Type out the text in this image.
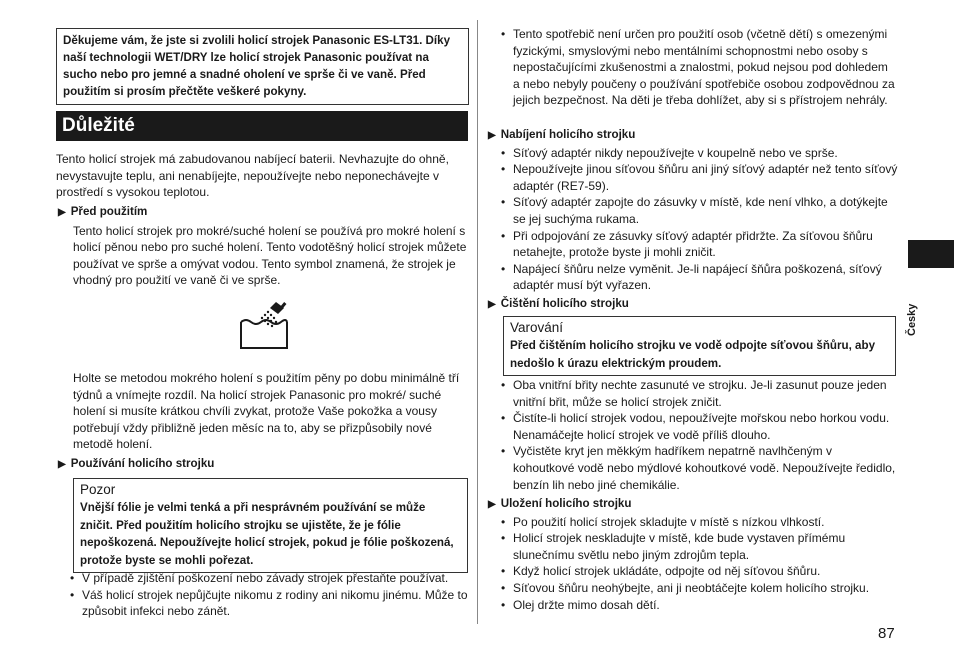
Děkujeme vám, že jste si zvolili holicí strojek Panasonic ES-LT31. Díky naší technologii WET/DRY lze holicí strojek Panasonic používat na sucho nebo pro jemné a snadné oholení ve sprše či ve vaně. Před použitím si prosím přečtěte veškeré pokyny.

Důležité

Tento holicí strojek má zabudovanou nabíjecí baterii. Nevhazujte do ohně, nevystavujte teplu, ani nenabíjejte, nepoužívejte nebo neponechávejte v prostředí s vysokou teplotou.

▶ Před použitím

Tento holicí strojek pro mokré/suché holení se používá pro mokré holení s holicí pěnou nebo pro suché holení. Tento vodotěšný holicí strojek můžete používat ve sprše a omývat vodou. Tento symbol znamená, že strojek je vhodný pro použití ve vaně či ve sprše.

Holte se metodou mokrého holení s použitím pěny po dobu minimálně tří týdnů a vnímejte rozdíl. Na holicí strojek Panasonic pro mokré/ suché holení si musíte krátkou chvíli zvykat, protože Vaše pokožka a vousy potřebují vždy přibližně jeden měsíc na to, aby se přizpůsobily nové metodě holení.

▶ Používání holicího strojku

Pozor

Vnější fólie je velmi tenká a při nesprávném používání se může zničit. Před použitím holicího strojku se ujistěte, že je fólie nepoškozená. Nepoužívejte holicí strojek, pokud je fólie poškozená, protože byste se mohli pořezat.

• V případě zjištění poškození nebo závady strojek přestaňte používat.
• Váš holicí strojek nepůjčujte nikomu z rodiny ani nikomu jinému. Může to způsobit infekci nebo zánět.
• Tento spotřebič není určen pro použití osob (včetně dětí) s omezenými fyzickými, smyslovými nebo mentálními schopnostmi nebo osoby s nepostačujícími zkušenostmi a znalostmi, pokud nejsou pod dohledem a nebo nebyly poučeny o používání spotřebiče osobou zodpovědnou za jejich bezpečnost. Na děti je třeba dohlížet, aby si s přístrojem nehrály.

▶ Nabíjení holicího strojku

• Síťový adaptér nikdy nepoužívejte v koupelně nebo ve sprše.
• Nepoužívejte jinou síťovou šňůru ani jiný síťový adaptér než tento síťový adaptér (RE7-59).
• Síťový adaptér zapojte do zásuvky v místě, kde není vlhko, a dotýkejte se jej suchýma rukama.
• Při odpojování ze zásuvky síťový adaptér přidržte. Za síťovou šňůru netahejte, protože byste ji mohli zničit.
• Napájecí šňůru nelze vyměnit. Je-li napájecí šňůra poškozená, síťový adaptér musí být vyřazen.

▶ Čištění holicího strojku

Varování

Před čištěním holicího strojku ve vodě odpojte síťovou šňůru, aby nedošlo k úrazu elektrickým proudem.

• Oba vnitřní břity nechte zasunuté ve strojku. Je-li zasunut pouze jeden vnitřní břit, může se holicí strojek zničit.
• Čistíte-li holicí strojek vodou, nepoužívejte mořskou nebo horkou vodu. Nenamáčejte holicí strojek ve vodě příliš dlouho.
• Vyčistěte kryt jen měkkým hadříkem nepatrně navlhčeným v kohoutkové vodě nebo mýdlové kohoutkové vodě. Nepoužívejte ředidlo, benzín lih nebo jiné chemikálie.

▶ Uložení holicího strojku

• Po použití holicí strojek skladujte v místě s nízkou vlhkostí.
• Holicí strojek neskladujte v místě, kde bude vystaven přímému slunečnímu světlu nebo jiným zdrojům tepla.
• Když holicí strojek ukládáte, odpojte od něj síťovou šňůru.
• Síťovou šňůru neohýbejte, ani ji neobtáčejte kolem holicího strojku.
• Olej držte mimo dosah dětí.
Česky
87
